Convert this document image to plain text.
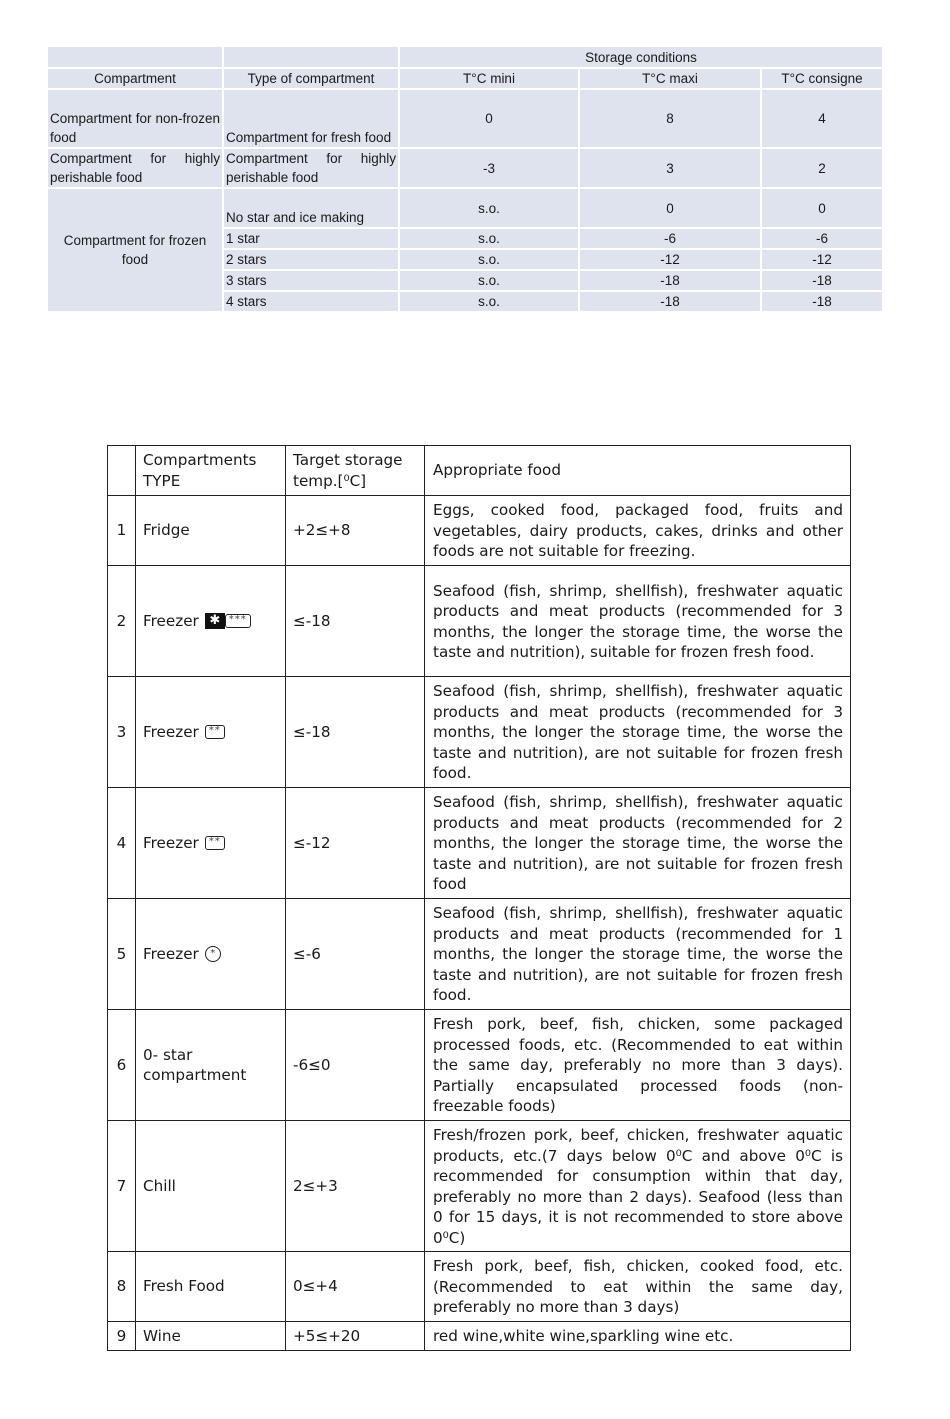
		Storage conditions		
Compartment	Type of compartment	T°C mini	T°C maxi	T°C consigne
Compartment for non-frozen food	Compartment for fresh food	0	8	4
Compartment for highly perishable food	Compartment for highly perishable food	-3	3	2
Compartment for frozen food	No star and ice making	s.o.	0	0
	1 star	s.o.	-6	-6
	2 stars	s.o.	-12	-12
	3 stars	s.o.	-18	-18
	4 stars	s.o.	-18	-18
	Compartments TYPE	Target storage temp.[⁰C]	Appropriate food
1	Fridge	+2≤+8	Eggs, cooked food, packaged food, fruits and vegetables, dairy products, cakes, drinks and other foods are not suitable for freezing.
2	Freezer ✱ ***	≤-18	Seafood (fish, shrimp, shellfish), freshwater aquatic products and meat products (recommended for 3 months, the longer the storage time, the worse the taste and nutrition), suitable for frozen fresh food.
3	Freezer **	≤-18	Seafood (fish, shrimp, shellfish), freshwater aquatic products and meat products (recommended for 3 months, the longer the storage time, the worse the taste and nutrition), are not suitable for frozen fresh food.
4	Freezer **	≤-12	Seafood (fish, shrimp, shellfish), freshwater aquatic products and meat products (recommended for 2 months, the longer the storage time, the worse the taste and nutrition), are not suitable for frozen fresh food
5	Freezer *	≤-6	Seafood (fish, shrimp, shellfish), freshwater aquatic products and meat products (recommended for 1 months, the longer the storage time, the worse the taste and nutrition), are not suitable for frozen fresh food.
6	0- star compartment	-6≤0	Fresh pork, beef, fish, chicken, some packaged processed foods, etc. (Recommended to eat within the same day, preferably no more than 3 days). Partially encapsulated processed foods (non-freezable foods)
7	Chill	2≤+3	Fresh/frozen pork, beef, chicken, freshwater aquatic products, etc.(7 days below 0⁰C and above 0⁰C is recommended for consumption within that day, preferably no more than 2 days). Seafood (less than 0 for 15 days, it is not recommended to store above 0⁰C)
8	Fresh Food	0≤+4	Fresh pork, beef, fish, chicken, cooked food, etc. (Recommended to eat within the same day, preferably no more than 3 days)
9	Wine	+5≤+20	red wine,white wine,sparkling wine etc.
